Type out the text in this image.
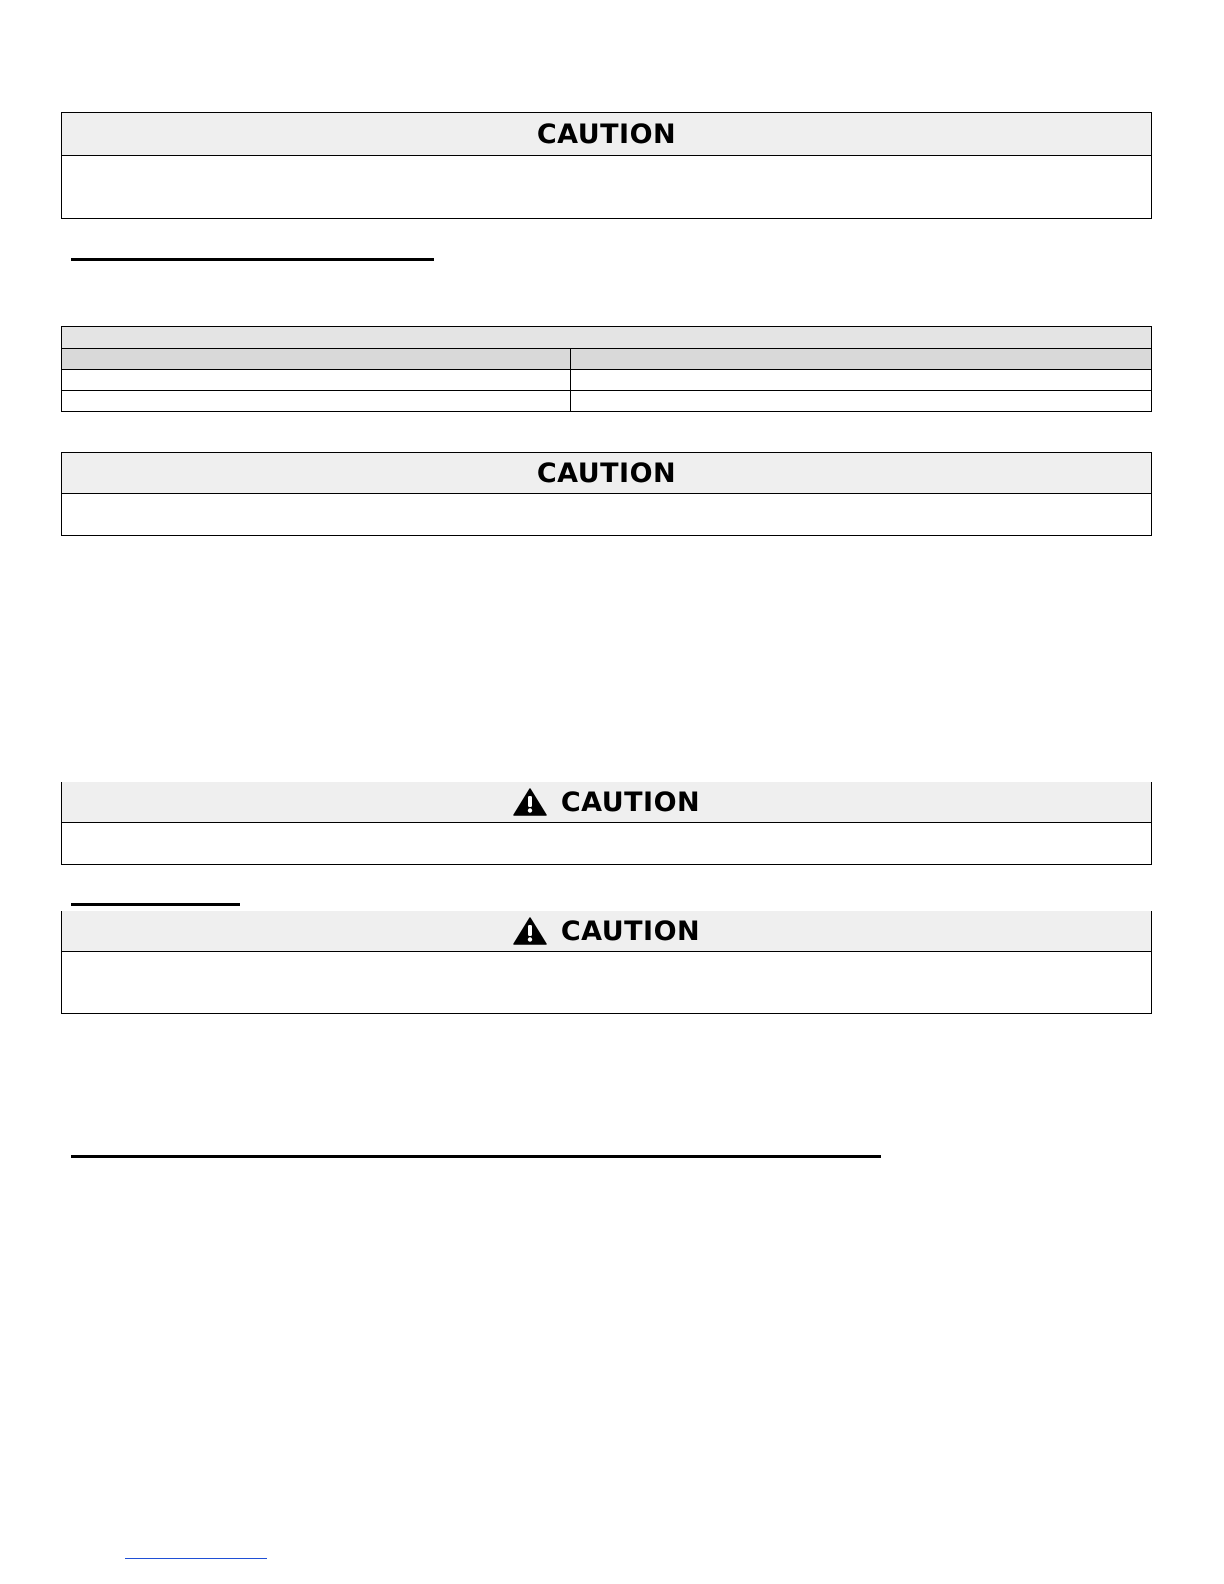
CAUTION

CAUTION
CAUTION
CAUTION
